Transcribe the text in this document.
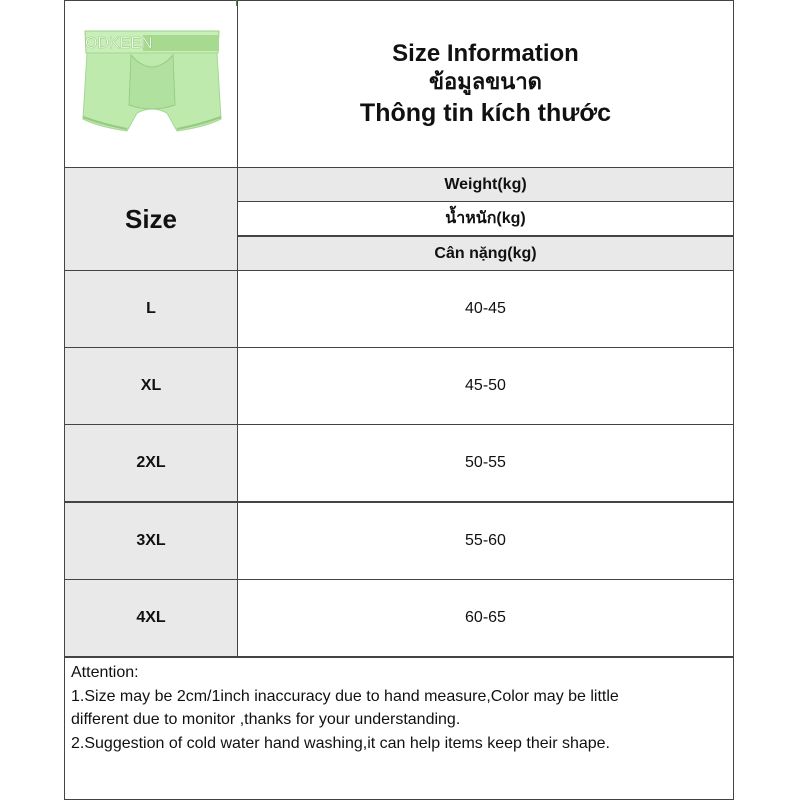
ODKEEN	Size Information
ข้อมูลขนาด
Thông tin kích thước
Size
Weight(kg)
น้ำหนัก(kg)
Cân nặng(kg)
L	40-45
XL	45-50
2XL	50-55
3XL	55-60
4XL	60-65

Attention:

1.Size may be 2cm/1inch inaccuracy due to hand measure,Color may be little

different due to monitor ,thanks for your understanding.

2.Suggestion of cold water hand washing,it can help items keep their shape.
